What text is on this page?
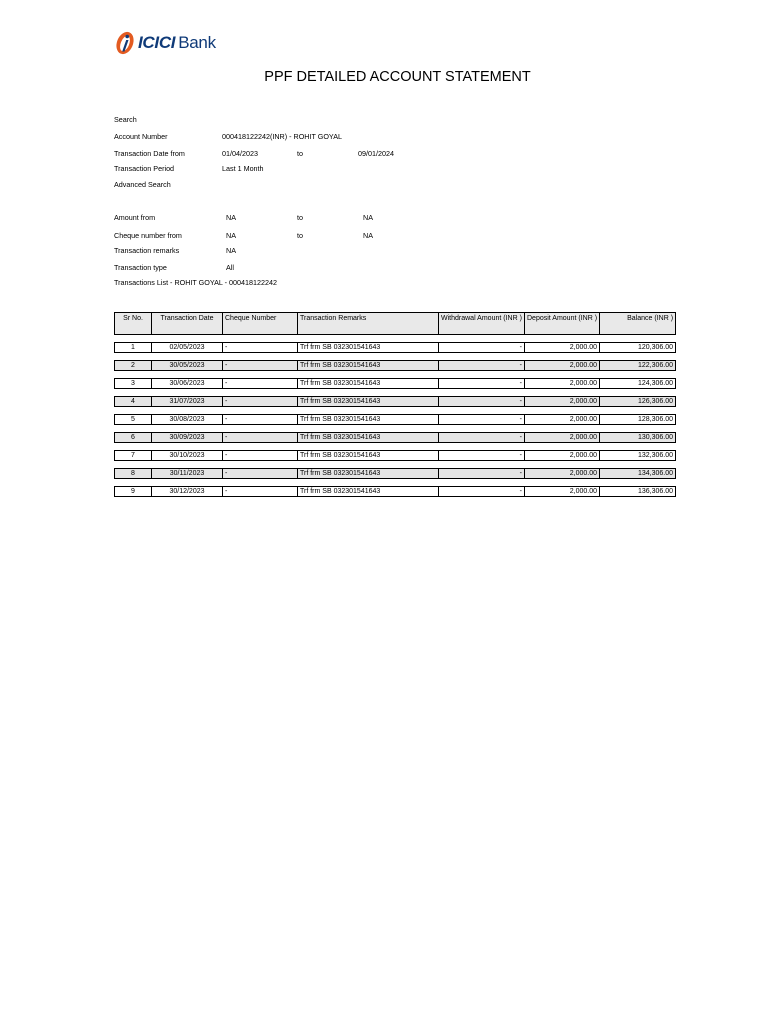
ICICI Bank
PPF DETAILED ACCOUNT STATEMENT
Search
Account Number	000418122242(INR) - ROHIT GOYAL
Transaction Date from	01/04/2023	to	09/01/2024
Transaction Period	Last 1 Month
Advanced Search
Amount from	NA	to	NA
Cheque number from	NA	to	NA
Transaction remarks	NA
Transaction type	All
Transactions List - ROHIT GOYAL - 000418122242
Sr No.	Transaction Date	Cheque Number	Transaction Remarks	Withdrawal Amount (INR )	Deposit Amount (INR )	Balance (INR )

1	02/05/2023	-	Trf frm SB 032301541643	-	2,000.00	120,306.00

2	30/05/2023	-	Trf frm SB 032301541643	-	2,000.00	122,306.00

3	30/06/2023	-	Trf frm SB 032301541643	-	2,000.00	124,306.00

4	31/07/2023	-	Trf frm SB 032301541643	-	2,000.00	126,306.00

5	30/08/2023	-	Trf frm SB 032301541643	-	2,000.00	128,306.00

6	30/09/2023	-	Trf frm SB 032301541643	-	2,000.00	130,306.00

7	30/10/2023	-	Trf frm SB 032301541643	-	2,000.00	132,306.00

8	30/11/2023	-	Trf frm SB 032301541643	-	2,000.00	134,306.00

9	30/12/2023	-	Trf frm SB 032301541643	-	2,000.00	136,306.00
